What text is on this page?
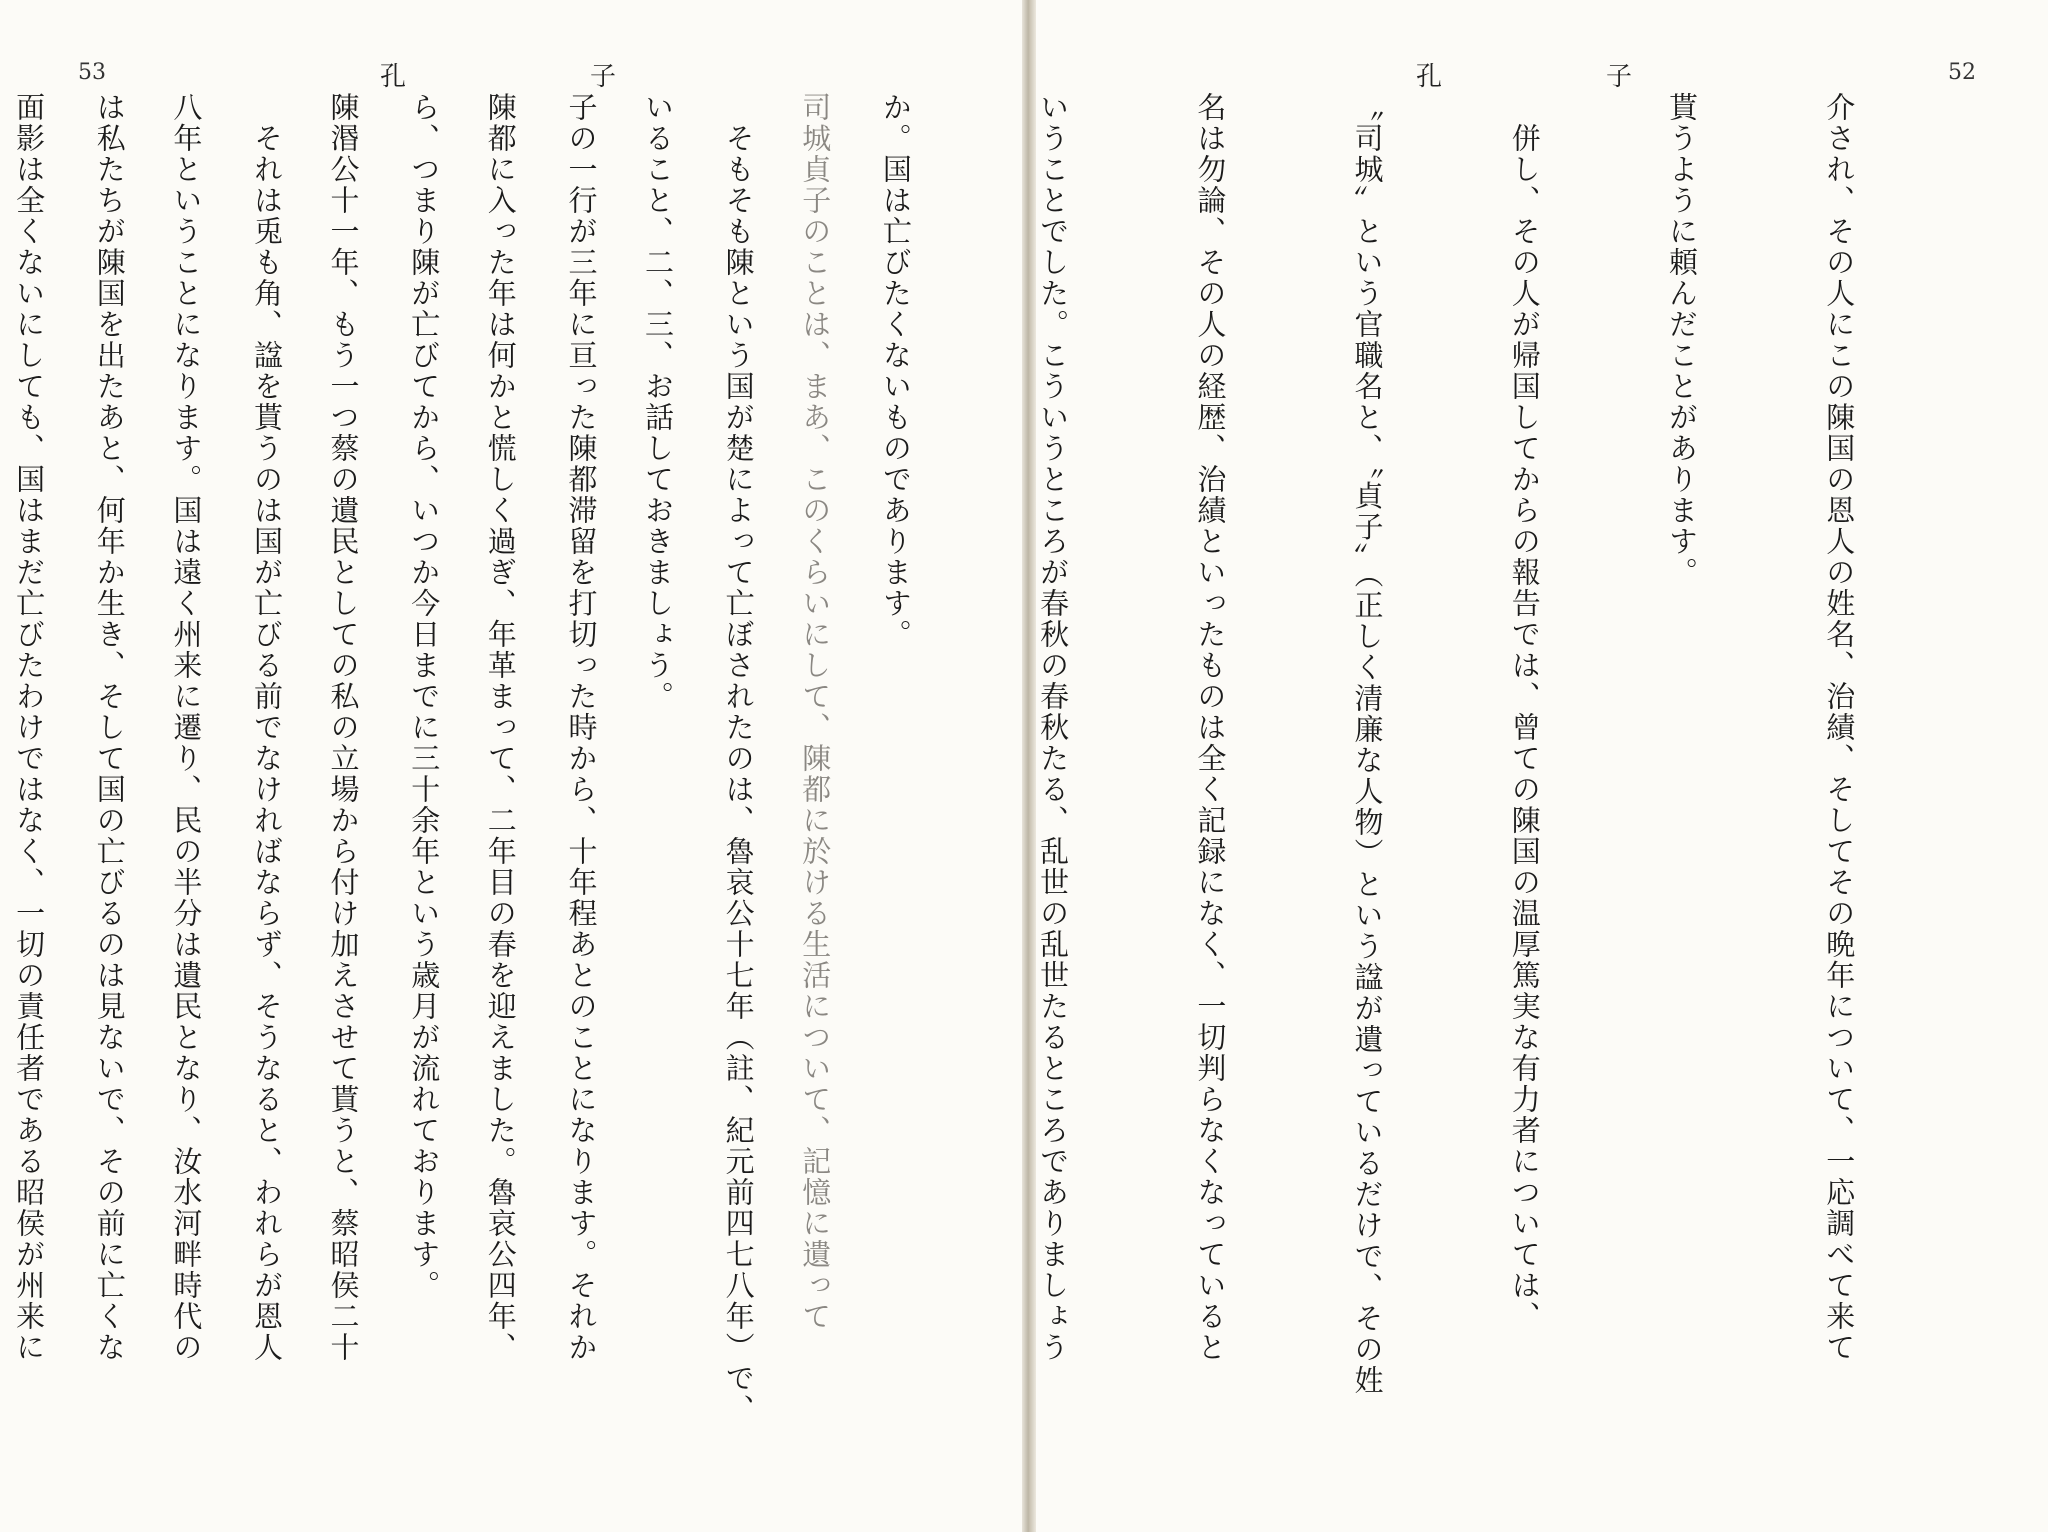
53	孔	子

司城貞子のことは、まあ、このくらいにして、陳都に於ける生活について、記憶に遺って

いること、二、三、お話しておきましょう。

陳都に入った年は何かと慌しく過ぎ、年革まって、二年目の春を迎えました。魯哀公四年、

陳湣公十一年、もう一つ蔡の遺民としての私の立場から付け加えさせて貰うと、蔡昭侯二十

八年ということになります。国は遠く州来に遷り、民の半分は遺民となり、汝水河畔時代の

面影は全くないにしても、国はまだ亡びたわけではなく、一切の責任者である昭侯が州来に

孔	子	52

介され、その人にこの陳国の恩人の姓名、治績、そしてその晩年について、一応調べて来て

貰うように頼んだことがあります。

　併し、その人が帰国してからの報告では、曾ての陳国の温厚篤実な有力者については、

〝司城〟という官職名と、〝貞子〟（正しく清廉な人物）という諡が遺っているだけで、その姓

名は勿論、その人の経歴、治績といったものは全く記録になく、一切判らなくなっていると

いうことでした。こういうところが春秋の春秋たる、乱世の乱世たるところでありましょう

か。国は亡びたくないものであります。

　そもそも陳という国が楚によって亡ぼされたのは、魯哀公十七年（註、紀元前四七八年）で、

子の一行が三年に亘った陳都滞留を打切った時から、十年程あとのことになります。それか

ら、つまり陳が亡びてから、いつか今日までに三十余年という歳月が流れております。

　それは兎も角、諡を貰うのは国が亡びる前でなければならず、そうなると、われらが恩人

は私たちが陳国を出たあと、何年か生き、そして国の亡びるのは見ないで、その前に亡くな
